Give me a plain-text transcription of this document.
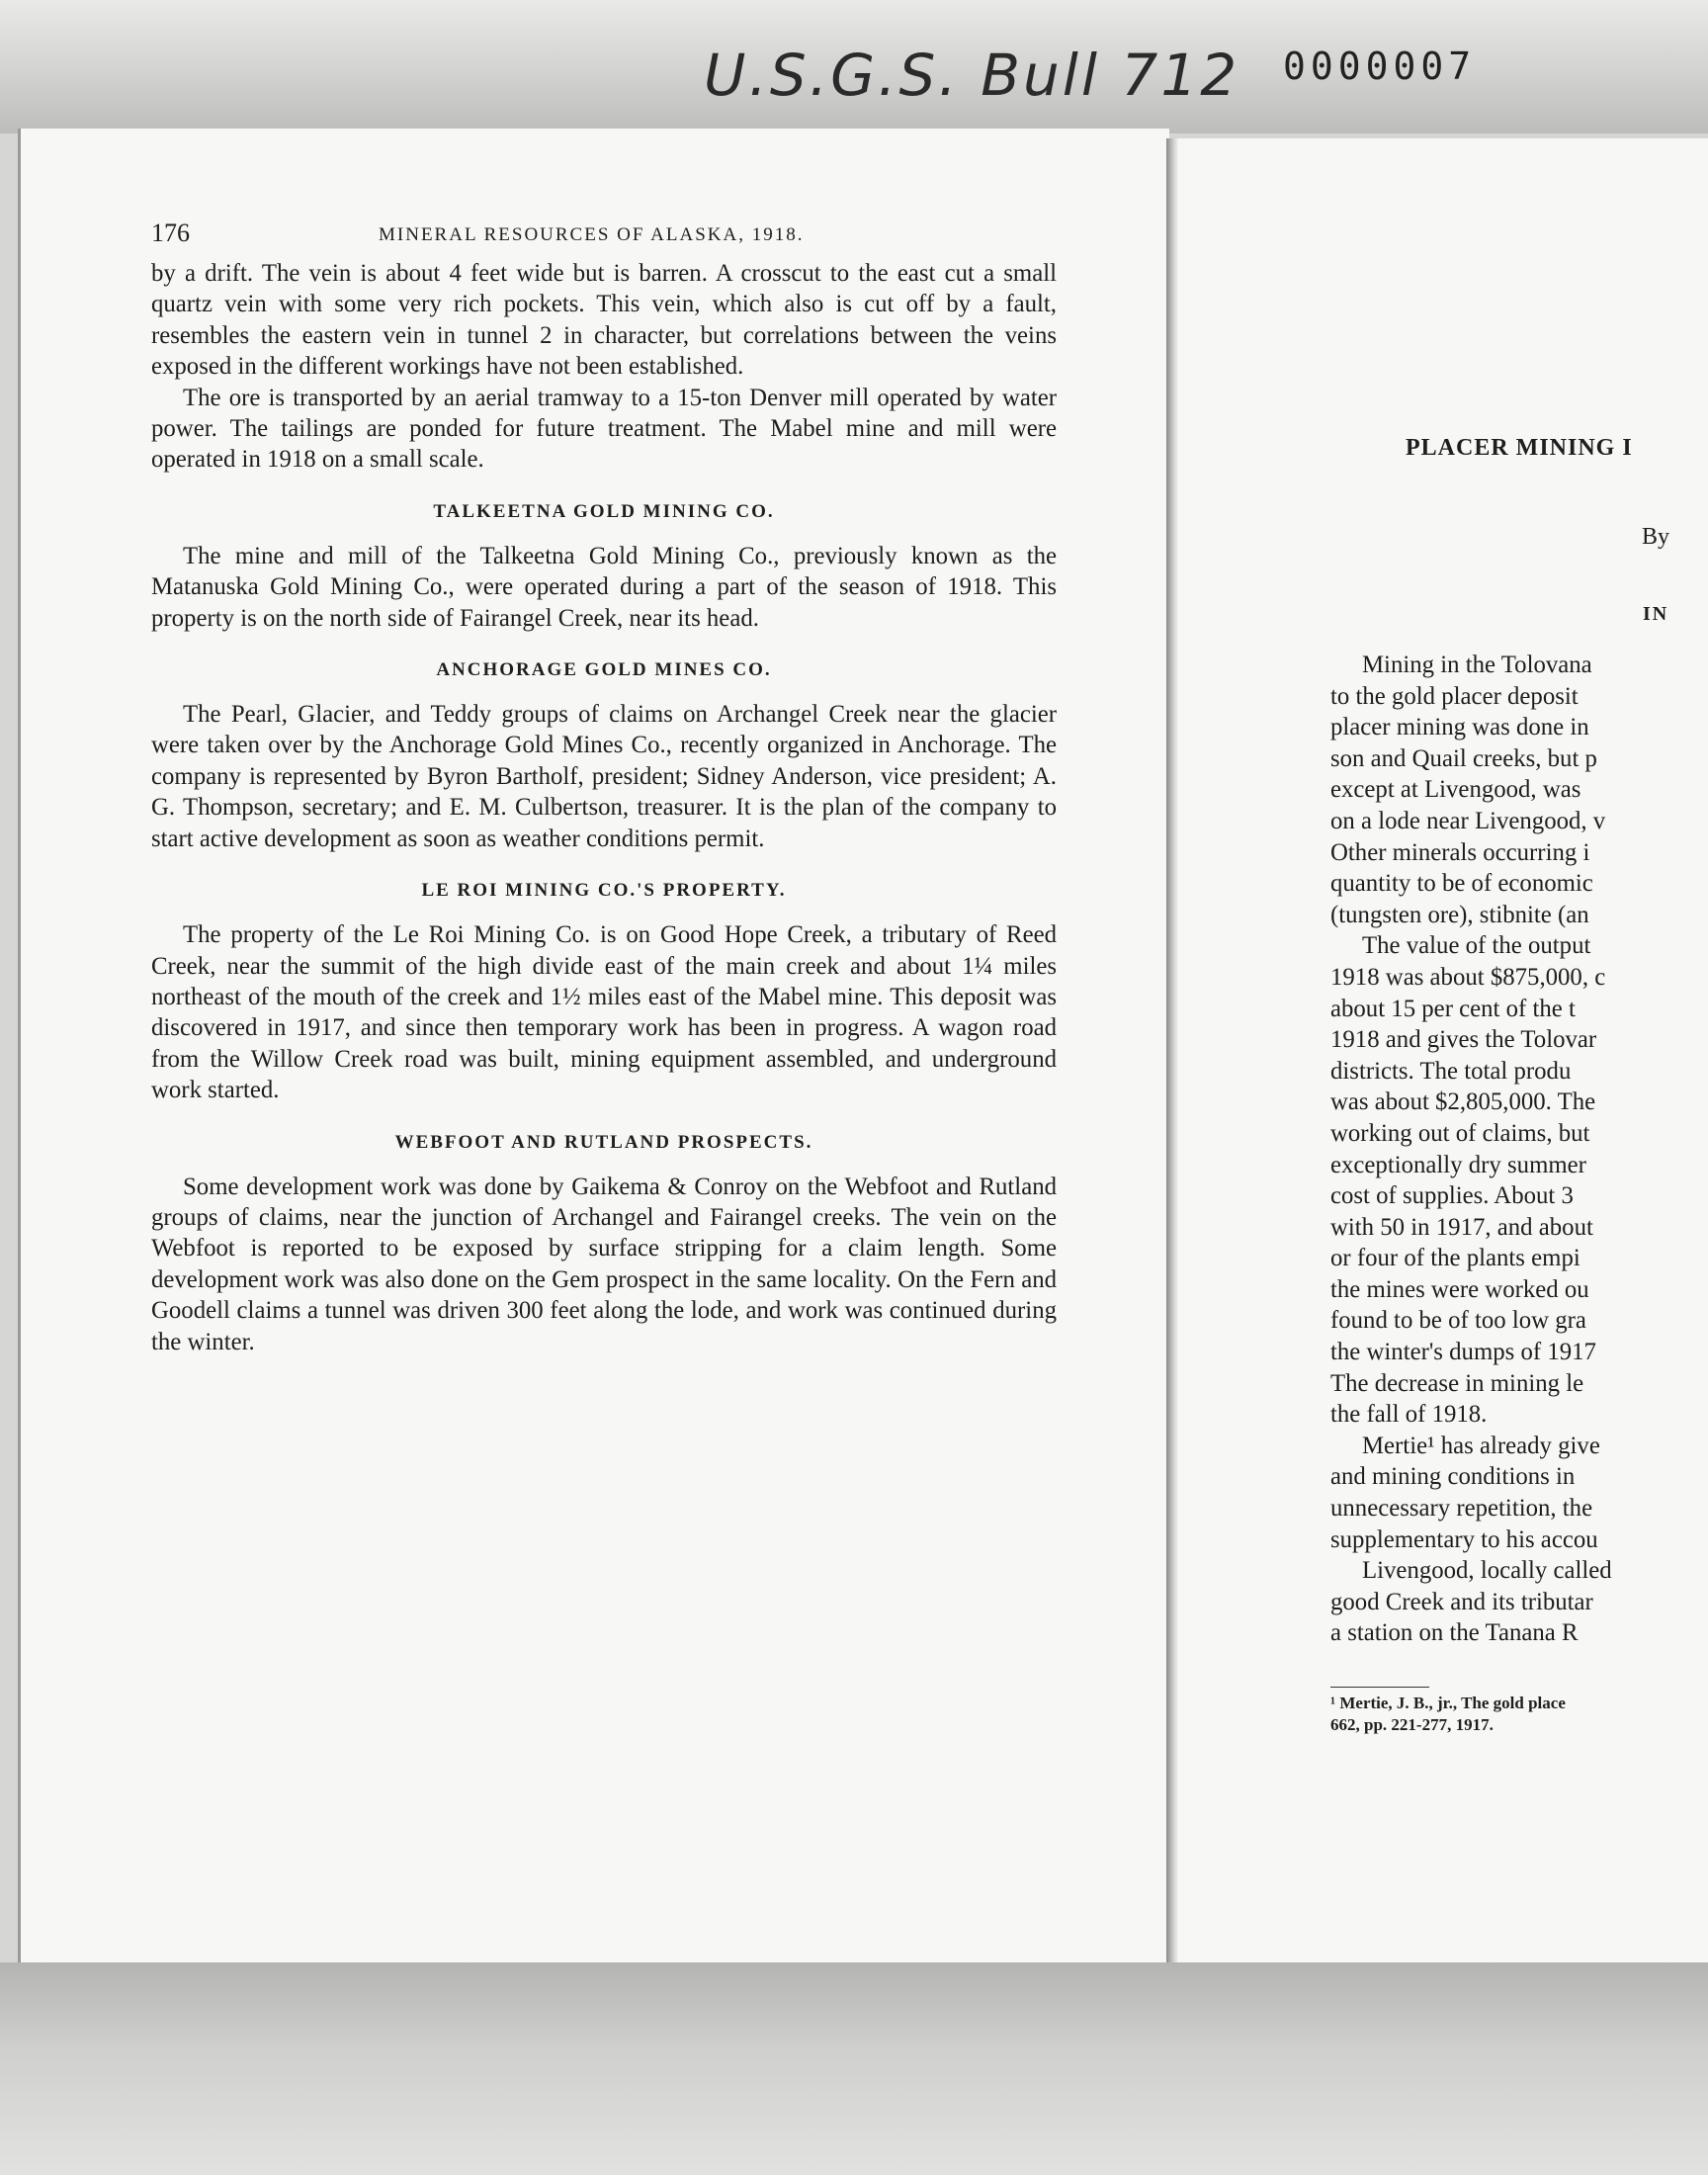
U.S.G.S. Bull 712 0000007

176	MINERAL RESOURCES OF ALASKA, 1918.

by a drift. The vein is about 4 feet wide but is barren. A crosscut to the east cut a small quartz vein with some very rich pockets. This vein, which also is cut off by a fault, resembles the eastern vein in tunnel 2 in character, but correlations between the veins exposed in the different workings have not been established.

The ore is transported by an aerial tramway to a 15-ton Denver mill operated by water power. The tailings are ponded for future treatment. The Mabel mine and mill were operated in 1918 on a small scale.

TALKEETNA GOLD MINING CO.

The mine and mill of the Talkeetna Gold Mining Co., previously known as the Matanuska Gold Mining Co., were operated during a part of the season of 1918. This property is on the north side of Fairangel Creek, near its head.

ANCHORAGE GOLD MINES CO.

The Pearl, Glacier, and Teddy groups of claims on Archangel Creek near the glacier were taken over by the Anchorage Gold Mines Co., recently organized in Anchorage. The company is represented by Byron Bartholf, president; Sidney Anderson, vice president; A. G. Thompson, secretary; and E. M. Culbertson, treasurer. It is the plan of the company to start active development as soon as weather conditions permit.

LE ROI MINING CO.'S PROPERTY.

The property of the Le Roi Mining Co. is on Good Hope Creek, a tributary of Reed Creek, near the summit of the high divide east of the main creek and about 1¼ miles northeast of the mouth of the creek and 1½ miles east of the Mabel mine. This deposit was discovered in 1917, and since then temporary work has been in progress. A wagon road from the Willow Creek road was built, mining equipment assembled, and underground work started.

WEBFOOT AND RUTLAND PROSPECTS.

Some development work was done by Gaikema & Conroy on the Webfoot and Rutland groups of claims, near the junction of Archangel and Fairangel creeks. The vein on the Webfoot is reported to be exposed by surface stripping for a claim length. Some development work was also done on the Gem prospect in the same locality. On the Fern and Goodell claims a tunnel was driven 300 feet along the lode, and work was continued during the winter.

PLACER MINING I
By
IN
Mining in the Tolovana
to the gold placer deposit
placer mining was done in
son and Quail creeks, but p
except at Livengood, was
on a lode near Livengood, v
Other minerals occurring i
quantity to be of economic
(tungsten ore), stibnite (an
The value of the output
1918 was about $875,000, c
about 15 per cent of the t
1918 and gives the Tolovar
districts. The total produ
was about $2,805,000. The
working out of claims, but
exceptionally dry summer
cost of supplies. About 3
with 50 in 1917, and about
or four of the plants empi
the mines were worked ou
found to be of too low gra
the winter's dumps of 1917
The decrease in mining le
the fall of 1918.
Mertie¹ has already give
and mining conditions in
unnecessary repetition, the
supplementary to his accou
Livengood, locally called
good Creek and its tributar
a station on the Tanana R
¹ Mertie, J. B., jr., The gold place
662, pp. 221-277, 1917.
